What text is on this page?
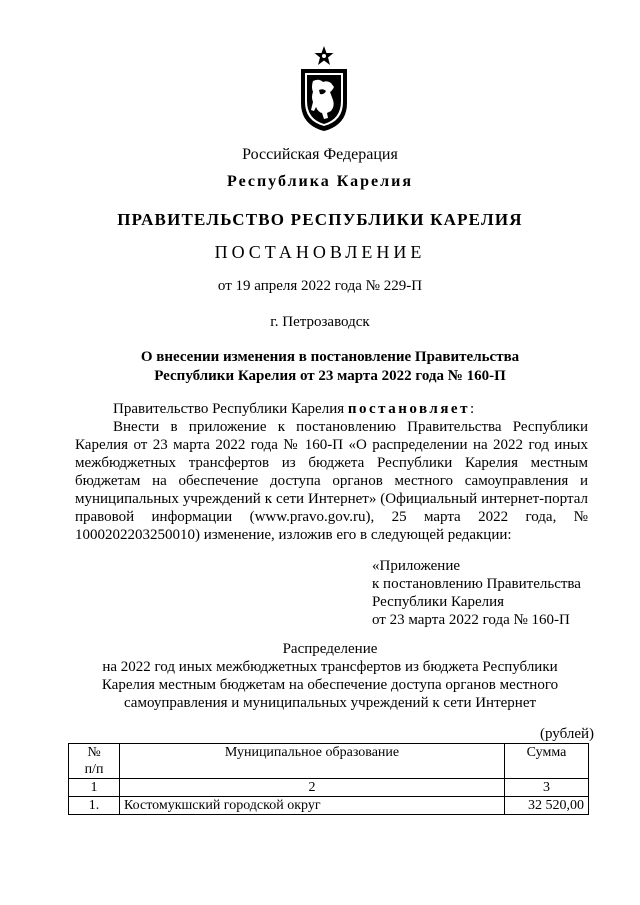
Российская Федерация
Республика Карелия
ПРАВИТЕЛЬСТВО РЕСПУБЛИКИ КАРЕЛИЯ
ПОСТАНОВЛЕНИЕ
от 19 апреля 2022 года № 229-П
г. Петрозаводск
О внесении изменения в постановление Правительства
Республики Карелия от 23 марта 2022 года № 160-П
Правительство Республики Карелия постановляет:
Внести в приложение к постановлению Правительства Республики Карелия от 23 марта 2022 года № 160-П «О распределении на 2022 год иных межбюджетных трансфертов из бюджета Республики Карелия местным бюджетам на обеспечение доступа органов местного самоуправления и муниципальных учреждений к сети Интернет» (Официальный интернет-портал правовой информации (www.pravo.gov.ru), 25 марта 2022 года, № 1000202203250010) изменение, изложив его в следующей редакции:
«Приложение
к постановлению Правительства
Республики Карелия
от 23 марта 2022 года № 160-П
Распределение
на 2022 год иных межбюджетных трансфертов из бюджета Республики
Карелия местным бюджетам на обеспечение доступа органов местного
самоуправления и муниципальных учреждений к сети Интернет
(рублей)
№
п/п	Муниципальное образование	Сумма
1	2	3
1.	Костомукшский городской округ	32 520,00
